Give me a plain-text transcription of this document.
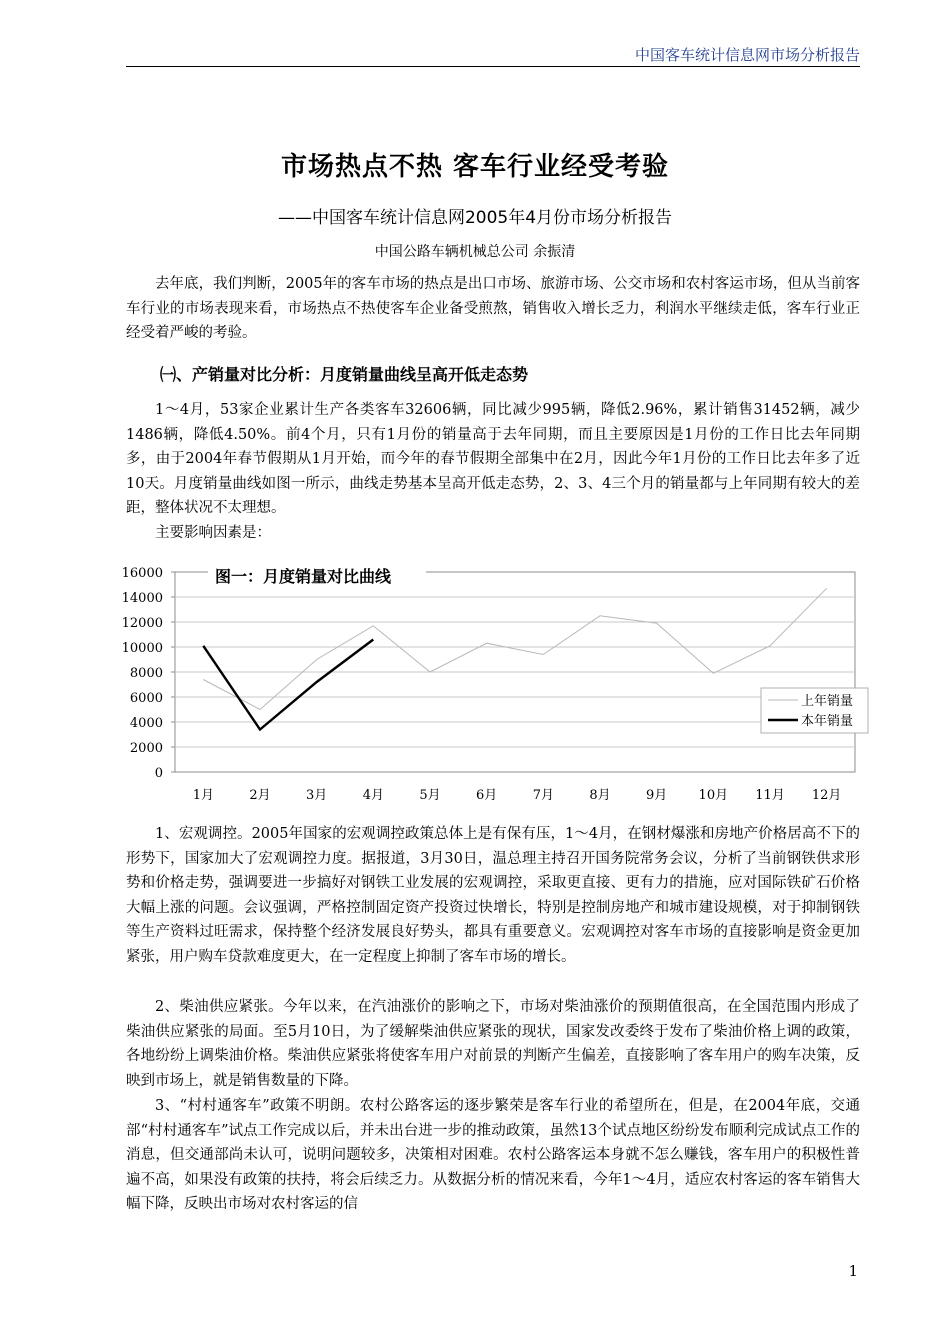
中国客车统计信息网市场分析报告
市场热点不热 客车行业经受考验
——中国客车统计信息网2005年4月份市场分析报告
中国公路车辆机械总公司 余振清
去年底，我们判断，2005年的客车市场的热点是出口市场、旅游市场、公交市场和农村客运市场，但从当前客车行业的市场表现来看，市场热点不热使客车企业备受煎熬，销售收入增长乏力，利润水平继续走低，客车行业正经受着严峻的考验。
㈠、产销量对比分析：月度销量曲线呈高开低走态势
1～4月，53家企业累计生产各类客车32606辆，同比减少995辆，降低2.96%，累计销售31452辆，减少1486辆，降低4.50%。前4个月，只有1月份的销量高于去年同期，而且主要原因是1月份的工作日比去年同期多，由于2004年春节假期从1月开始，而今年的春节假期全部集中在2月，因此今年1月份的工作日比去年多了近10天。月度销量曲线如图一所示，曲线走势基本呈高开低走态势，2、3、4三个月的销量都与上年同期有较大的差距，整体状况不太理想。
主要影响因素是：
16000
14000
12000
10000
8000
6000
4000
2000
0
1月	2月	3月	4月	5月	6月	7月	8月	9月 10月 11月 12月
图一：月度销量对比曲线
上年销量
本年销量
1、宏观调控。2005年国家的宏观调控政策总体上是有保有压，1～4月，在钢材爆涨和房地产价格居高不下的形势下，国家加大了宏观调控力度。据报道，3月30日，温总理主持召开国务院常务会议，分析了当前钢铁供求形势和价格走势，强调要进一步搞好对钢铁工业发展的宏观调控，采取更直接、更有力的措施，应对国际铁矿石价格大幅上涨的问题。会议强调，严格控制固定资产投资过快增长，特别是控制房地产和城市建设规模，对于抑制钢铁等生产资料过旺需求，保持整个经济发展良好势头，都具有重要意义。宏观调控对客车市场的直接影响是资金更加紧张，用户购车贷款难度更大，在一定程度上抑制了客车市场的增长。
2、柴油供应紧张。今年以来，在汽油涨价的影响之下，市场对柴油涨价的预期值很高，在全国范围内形成了柴油供应紧张的局面。至5月10日，为了缓解柴油供应紧张的现状，国家发改委终于发布了柴油价格上调的政策，各地纷纷上调柴油价格。柴油供应紧张将使客车用户对前景的判断产生偏差，直接影响了客车用户的购车决策，反映到市场上，就是销售数量的下降。
3、“村村通客车”政策不明朗。农村公路客运的逐步繁荣是客车行业的希望所在，但是，在2004年底，交通部“村村通客车”试点工作完成以后，并未出台进一步的推动政策，虽然13个试点地区纷纷发布顺利完成试点工作的消息，但交通部尚未认可，说明问题较多，决策相对困难。农村公路客运本身就不怎么赚钱，客车用户的积极性普遍不高，如果没有政策的扶持，将会后续乏力。从数据分析的情况来看，今年1～4月，适应农村客运的客车销售大幅下降，反映出市场对农村客运的信
1
